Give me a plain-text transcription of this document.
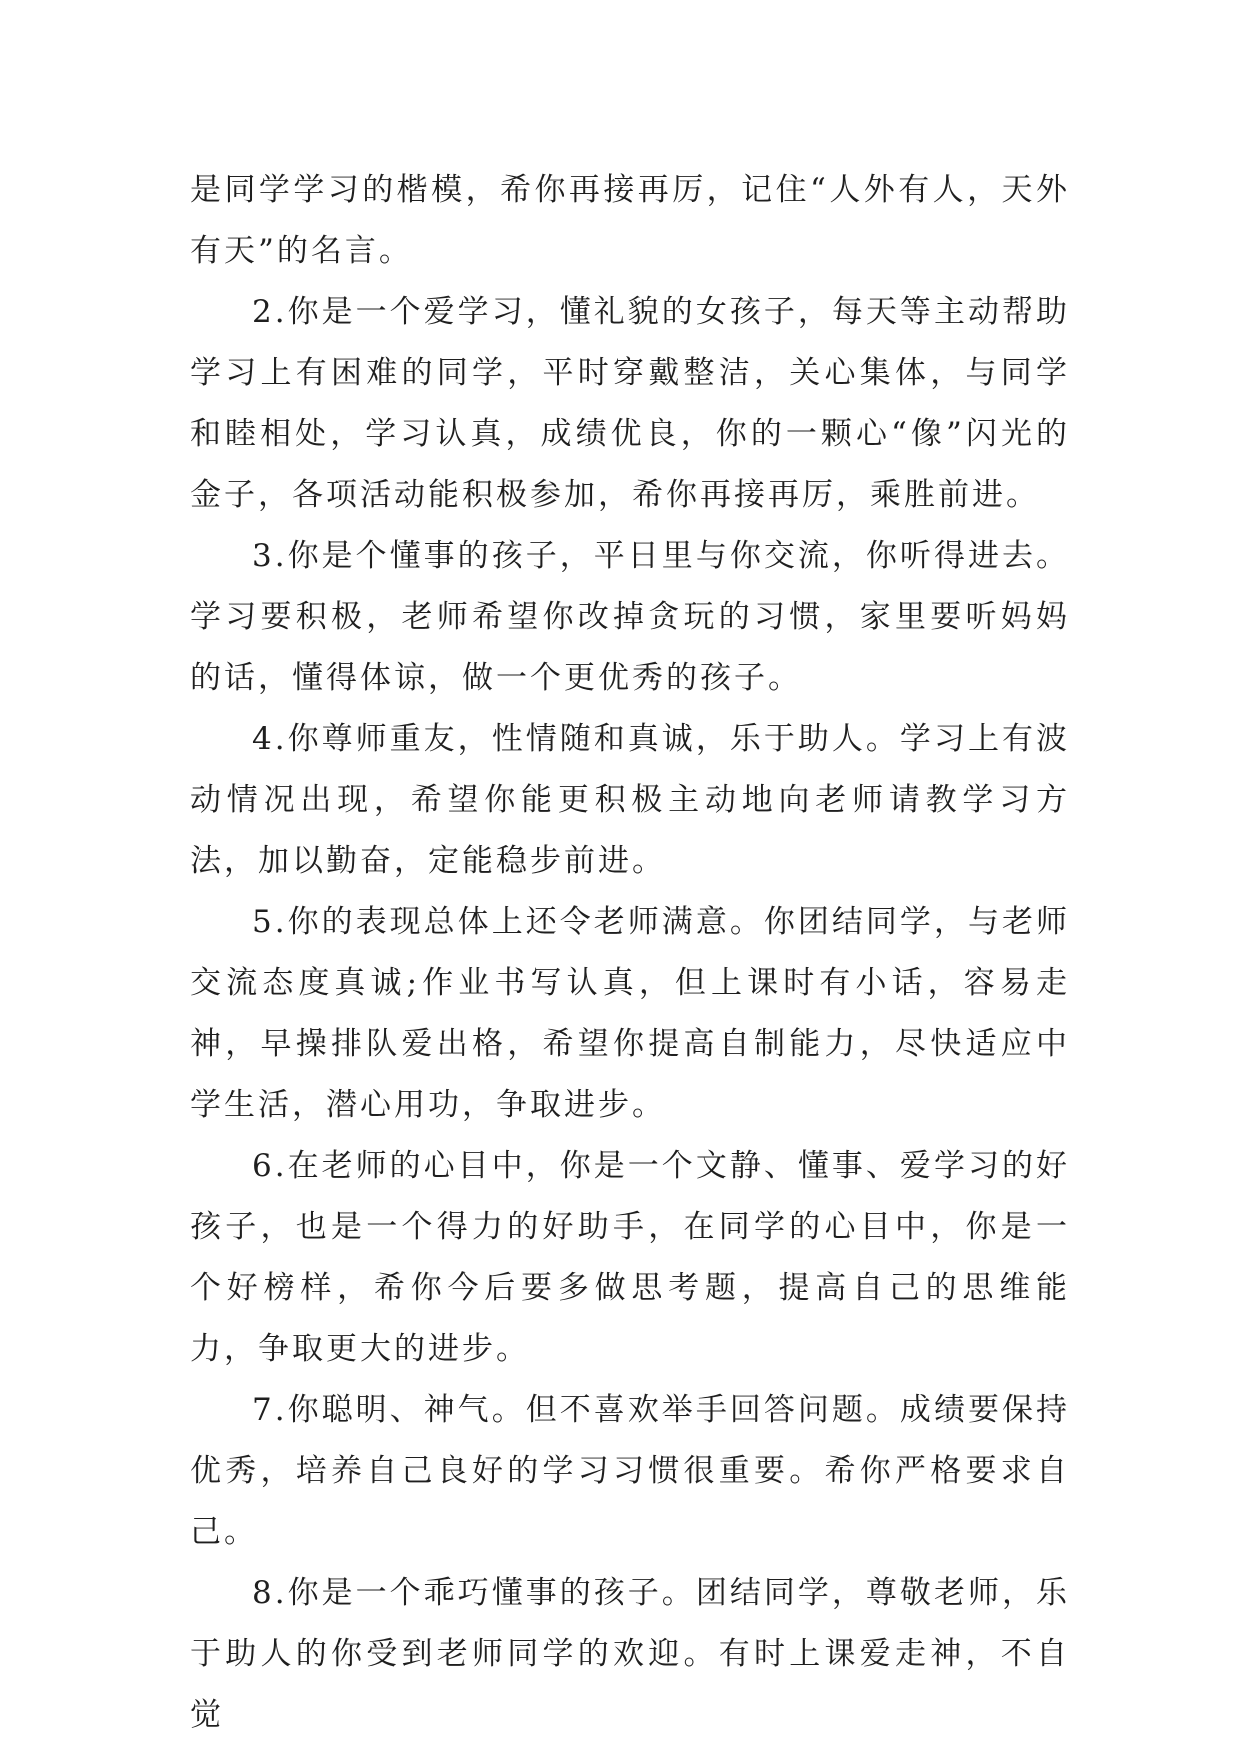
是同学学习的楷模，希你再接再厉，记住“人外有人，天外有天”的名言。

2.你是一个爱学习，懂礼貌的女孩子，每天等主动帮助学习上有困难的同学，平时穿戴整洁，关心集体，与同学和睦相处，学习认真，成绩优良，你的一颗心“像”闪光的金子，各项活动能积极参加，希你再接再厉，乘胜前进。

3.你是个懂事的孩子，平日里与你交流，你听得进去。学习要积极，老师希望你改掉贪玩的习惯，家里要听妈妈的话，懂得体谅，做一个更优秀的孩子。

4.你尊师重友，性情随和真诚，乐于助人。学习上有波动情况出现，希望你能更积极主动地向老师请教学习方法，加以勤奋，定能稳步前进。

5.你的表现总体上还令老师满意。你团结同学，与老师交流态度真诚;作业书写认真，但上课时有小话，容易走神，早操排队爱出格，希望你提高自制能力，尽快适应中学生活，潜心用功，争取进步。

6.在老师的心目中，你是一个文静、懂事、爱学习的好孩子，也是一个得力的好助手，在同学的心目中，你是一个好榜样，希你今后要多做思考题，提高自己的思维能力，争取更大的进步。

7.你聪明、神气。但不喜欢举手回答问题。成绩要保持优秀，培养自己良好的学习习惯很重要。希你严格要求自己。

8.你是一个乖巧懂事的孩子。团结同学，尊敬老师，乐于助人的你受到老师同学的欢迎。有时上课爱走神，不自觉
